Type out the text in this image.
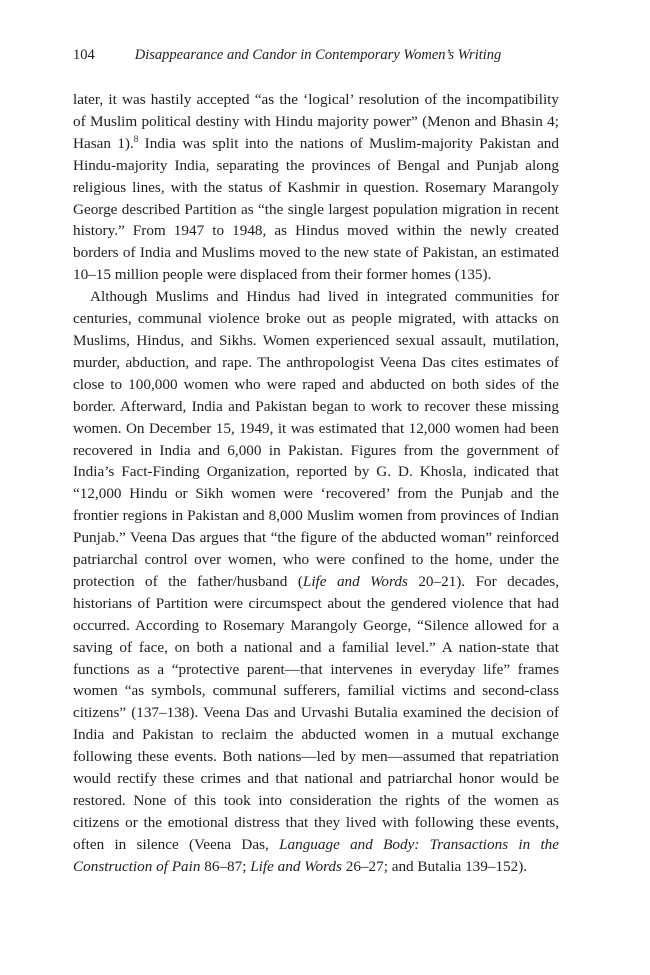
104	Disappearance and Candor in Contemporary Women’s Writing

later, it was hastily accepted “as the ‘logical’ resolution of the incompatibility of Muslim political destiny with Hindu majority power” (Menon and Bhasin 4; Hasan 1).$^8$ India was split into the nations of Muslim-majority Pakistan and Hindu-majority India, separating the provinces of Bengal and Punjab along religious lines, with the status of Kashmir in question. Rosemary Marangoly George described Partition as “the single largest population migration in recent history.” From 1947 to 1948, as Hindus moved within the newly created borders of India and Muslims moved to the new state of Pakistan, an estimated 10–15 million people were displaced from their former homes (135).

Although Muslims and Hindus had lived in integrated communities for centuries, communal violence broke out as people migrated, with attacks on Muslims, Hindus, and Sikhs. Women experienced sexual assault, mutilation, murder, abduction, and rape. The anthropologist Veena Das cites estimates of close to 100,000 women who were raped and abducted on both sides of the border. Afterward, India and Pakistan began to work to recover these missing women. On December 15, 1949, it was estimated that 12,000 women had been recovered in India and 6,000 in Pakistan. Figures from the government of India’s Fact-Finding Organization, reported by G. D. Khosla, indicated that “12,000 Hindu or Sikh women were ‘recovered’ from the Punjab and the frontier regions in Pakistan and 8,000 Muslim women from provinces of Indian Punjab.” Veena Das argues that “the figure of the abducted woman” reinforced patriarchal control over women, who were confined to the home, under the protection of the father/husband (Life and Words 20–21). For decades, historians of Partition were circumspect about the gendered violence that had occurred. According to Rosemary Marangoly George, “Silence allowed for a saving of face, on both a national and a familial level.” A nation-state that functions as a “protective parent—that intervenes in everyday life” frames women “as symbols, communal sufferers, familial victims and second-class citizens” (137–138). Veena Das and Urvashi Butalia examined the decision of India and Pakistan to reclaim the abducted women in a mutual exchange following these events. Both nations—led by men—assumed that repatriation would rectify these crimes and that national and patriarchal honor would be restored. None of this took into consideration the rights of the women as citizens or the emotional distress that they lived with following these events, often in silence (Veena Das, Language and Body: Transactions in the Construction of Pain 86–87; Life and Words 26–27; and Butalia 139–152).
